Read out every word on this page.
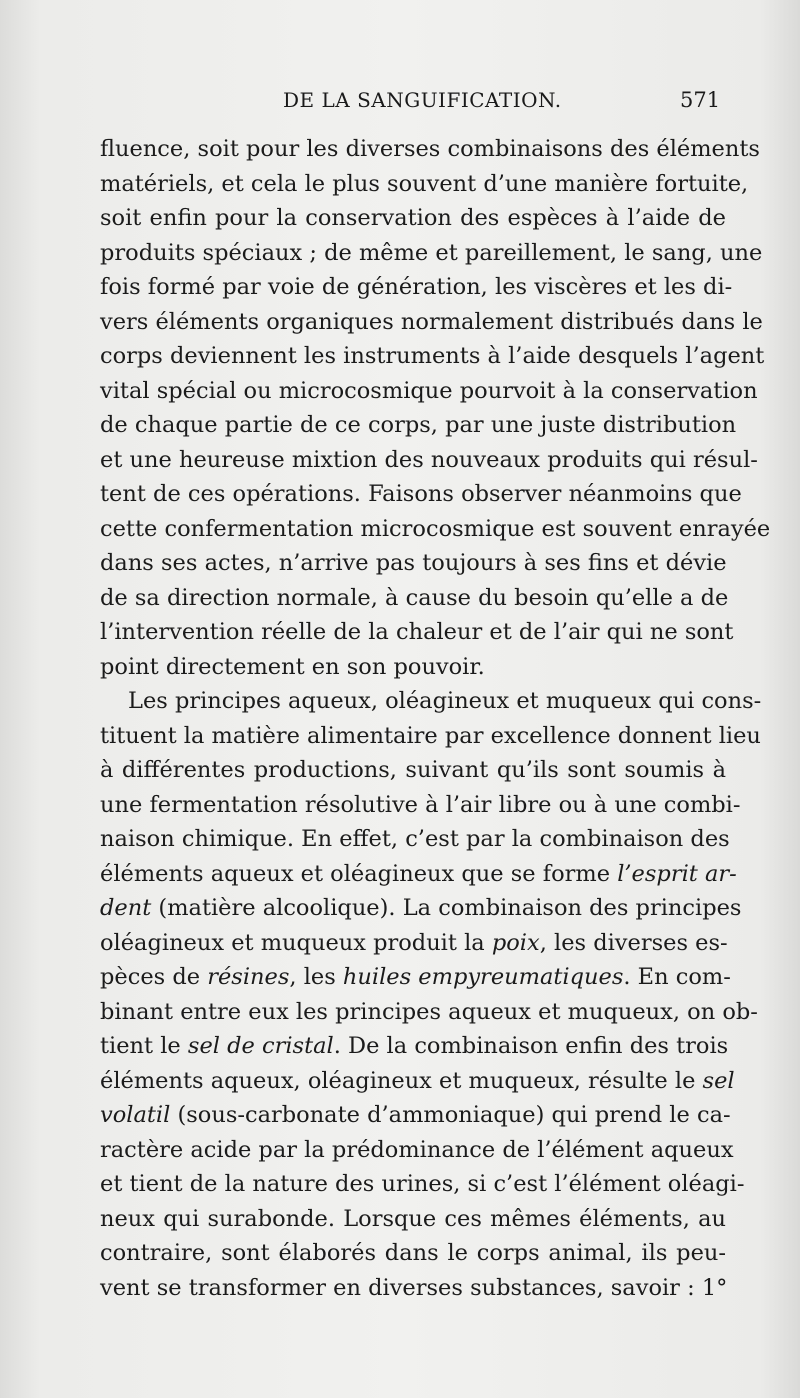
DE LA SANGUIFICATION.	571
fluence, soit pour les diverses combinaisons des éléments
matériels, et cela le plus souvent d’une manière fortuite,
soit enfin pour la conservation des espèces à l’aide de
produits spéciaux ; de même et pareillement, le sang, une
fois formé par voie de génération, les viscères et les di-
vers éléments organiques normalement distribués dans le
corps deviennent les instruments à l’aide desquels l’agent
vital spécial ou microcosmique pourvoit à la conservation
de chaque partie de ce corps, par une juste distribution
et une heureuse mixtion des nouveaux produits qui résul-
tent de ces opérations. Faisons observer néanmoins que
cette confermentation microcosmique est souvent enrayée
dans ses actes, n’arrive pas toujours à ses fins et dévie
de sa direction normale, à cause du besoin qu’elle a de
l’intervention réelle de la chaleur et de l’air qui ne sont
point directement en son pouvoir.
Les principes aqueux, oléagineux et muqueux qui cons-
tituent la matière alimentaire par excellence donnent lieu
à différentes productions, suivant qu’ils sont soumis à
une fermentation résolutive à l’air libre ou à une combi-
naison chimique. En effet, c’est par la combinaison des
éléments aqueux et oléagineux que se forme l’esprit ar-
dent (matière alcoolique). La combinaison des principes
oléagineux et muqueux produit la poix, les diverses es-
pèces de résines, les huiles empyreumatiques. En com-
binant entre eux les principes aqueux et muqueux, on ob-
tient le sel de cristal. De la combinaison enfin des trois
éléments aqueux, oléagineux et muqueux, résulte le sel
volatil (sous-carbonate d’ammoniaque) qui prend le ca-
ractère acide par la prédominance de l’élément aqueux
et tient de la nature des urines, si c’est l’élément oléagi-
neux qui surabonde. Lorsque ces mêmes éléments, au
contraire, sont élaborés dans le corps animal, ils peu-
vent se transformer en diverses substances, savoir : 1°
